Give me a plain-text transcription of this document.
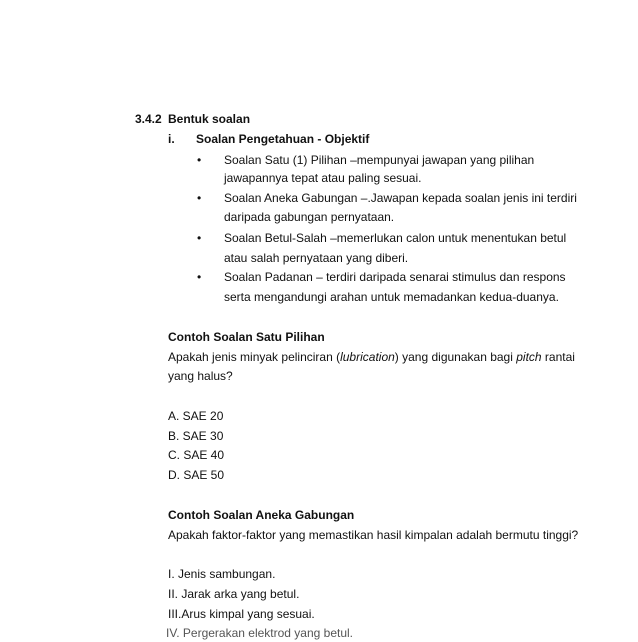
3.4.2 Bentuk soalan
i. Soalan Pengetahuan - Objektif
• Soalan Satu (1) Pilihan –mempunyai jawapan yang pilihan
jawapannya tepat atau paling sesuai.
• Soalan Aneka Gabungan –.Jawapan kepada soalan jenis ini terdiri
daripada gabungan pernyataan.
• Soalan Betul-Salah –memerlukan calon untuk menentukan betul
atau salah pernyataan yang diberi.
• Soalan Padanan – terdiri daripada senarai stimulus dan respons
serta mengandungi arahan untuk memadankan kedua-duanya.
Contoh Soalan Satu Pilihan
Apakah jenis minyak pelinciran (lubrication) yang digunakan bagi pitch rantai
yang halus?
A. SAE 20
B. SAE 30
C. SAE 40
D. SAE 50
Contoh Soalan Aneka Gabungan
Apakah faktor-faktor yang memastikan hasil kimpalan adalah bermutu tinggi?
I. Jenis sambungan.
II. Jarak arka yang betul.
III.Arus kimpal yang sesuai.
IV. Pergerakan elektrod yang betul.
